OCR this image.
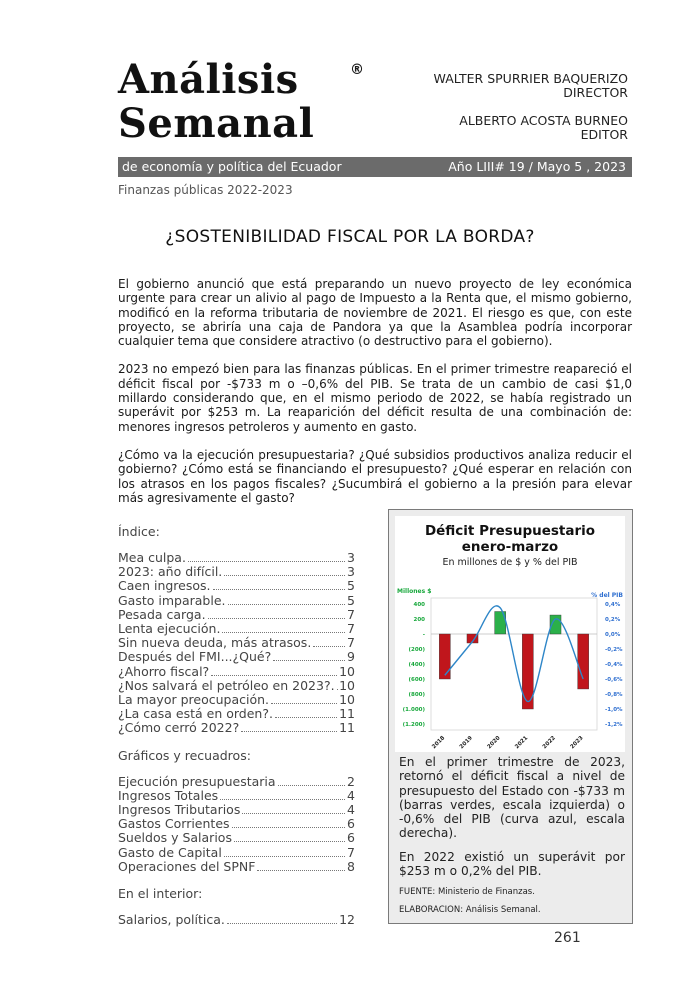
Análisis
Semanal
®
WALTER SPURRIER BAQUERIZO
DIRECTOR
ALBERTO ACOSTA BURNEO
EDITOR
de economía y política del Ecuador	Año LIII# 19 / Mayo 5 , 2023
Finanzas públicas 2022-2023
¿SOSTENIBILIDAD FISCAL POR LA BORDA?

El gobierno anunció que está preparando un nuevo proyecto de ley económica urgente para crear un alivio al pago de Impuesto a la Renta que, el mismo gobierno, modificó en la reforma tributaria de noviembre de 2021. El riesgo es que, con este proyecto, se abriría una caja de Pandora ya que la Asamblea podría incorporar cualquier tema que considere atractivo (o destructivo para el gobierno).

2023 no empezó bien para las finanzas públicas. En el primer trimestre reapareció el déficit fiscal por -$733 m o –0,6% del PIB. Se trata de un cambio de casi $1,0 millardo considerando que, en el mismo periodo de 2022, se había registrado un superávit por $253 m. La reaparición del déficit resulta de una combinación de: menores ingresos petroleros y aumento en gasto.

¿Cómo va la ejecución presupuestaria? ¿Qué subsidios productivos analiza reducir el gobierno? ¿Cómo está se financiando el presupuesto? ¿Qué esperar en relación con los atrasos en los pagos fiscales? ¿Sucumbirá el gobierno a la presión para elevar más agresivamente el gasto?

Índice:
Mea culpa.	3
2023: año difícil.	3
Caen ingresos.	5
Gasto imparable.	5
Pesada carga.	7
Lenta ejecución.	7
Sin nueva deuda, más atrasos.	7
Después del FMI...¿Qué?	9
¿Ahorro fiscal?	10
¿Nos salvará el petróleo en 2023?. 10
La mayor preocupación.	10
¿La casa está en orden?.	11
¿Cómo cerró 2022?	11
Gráficos y recuadros:
Ejecución presupuestaria	2
Ingresos Totales	4
Ingresos Tributarios	4
Gastos Corrientes	6
Sueldos y Salarios	6
Gasto de Capital	7
Operaciones del SPNF	8
En el interior:
Salarios, política.	12
Déficit Presupuestario
enero-marzo
En millones de $ y % del PIB
Millones $
% del PIB
400
200
-
(200)
(400)
(600)
(800)
(1.000)
(1.200)
0,4%
0,2%
0,0%
-0,2%
-0,4%
-0,6%
-0,8%
-1,0%
-1,2%
2018 2019 2020 2021 2022 2023

En el primer trimestre de 2023, retornó el déficit fiscal a nivel de presupuesto del Estado con -$733 m (barras verdes, escala izquierda) o -0,6% del PIB (curva azul, escala derecha).

En 2022 existió un superávit por $253 m o 0,2% del PIB.

FUENTE: Ministerio de Finanzas.

ELABORACION: Análisis Semanal.

261
